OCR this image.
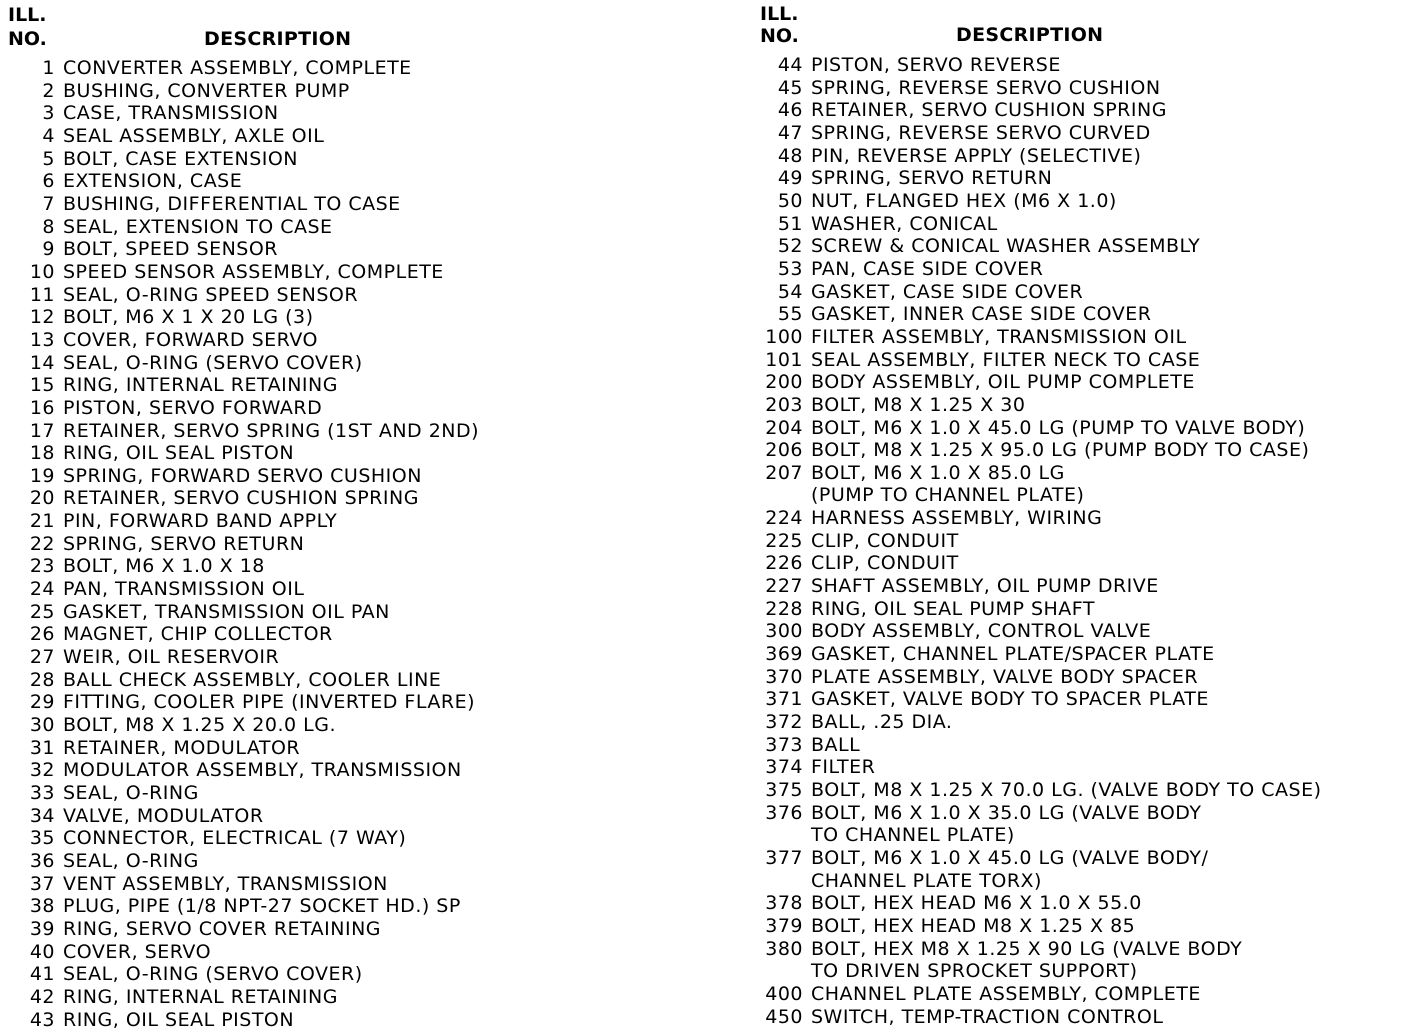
ILL.
NO.	DESCRIPTION
1 CONVERTER ASSEMBLY, COMPLETE
2 BUSHING, CONVERTER PUMP
3 CASE, TRANSMISSION
4 SEAL ASSEMBLY, AXLE OIL
5 BOLT, CASE EXTENSION
6 EXTENSION, CASE
7 BUSHING, DIFFERENTIAL TO CASE
8 SEAL, EXTENSION TO CASE
9 BOLT, SPEED SENSOR
10 SPEED SENSOR ASSEMBLY, COMPLETE
11 SEAL, O-RING SPEED SENSOR
12 BOLT, M6 X 1 X 20 LG (3)
13 COVER, FORWARD SERVO
14 SEAL, O-RING (SERVO COVER)
15 RING, INTERNAL RETAINING
16 PISTON, SERVO FORWARD
17 RETAINER, SERVO SPRING (1ST AND 2ND)
18 RING, OIL SEAL PISTON
19 SPRING, FORWARD SERVO CUSHION
20 RETAINER, SERVO CUSHION SPRING
21 PIN, FORWARD BAND APPLY
22 SPRING, SERVO RETURN
23 BOLT, M6 X 1.0 X 18
24 PAN, TRANSMISSION OIL
25 GASKET, TRANSMISSION OIL PAN
26 MAGNET, CHIP COLLECTOR
27 WEIR, OIL RESERVOIR
28 BALL CHECK ASSEMBLY, COOLER LINE
29 FITTING, COOLER PIPE (INVERTED FLARE)
30 BOLT, M8 X 1.25 X 20.0 LG.
31 RETAINER, MODULATOR
32 MODULATOR ASSEMBLY, TRANSMISSION
33 SEAL, O-RING
34 VALVE, MODULATOR
35 CONNECTOR, ELECTRICAL (7 WAY)
36 SEAL, O-RING
37 VENT ASSEMBLY, TRANSMISSION
38 PLUG, PIPE (1/8 NPT-27 SOCKET HD.) SP
39 RING, SERVO COVER RETAINING
40 COVER, SERVO
41 SEAL, O-RING (SERVO COVER)
42 RING, INTERNAL RETAINING
43 RING, OIL SEAL PISTON
ILL.
NO.	DESCRIPTION
44 PISTON, SERVO REVERSE
45 SPRING, REVERSE SERVO CUSHION
46 RETAINER, SERVO CUSHION SPRING
47 SPRING, REVERSE SERVO CURVED
48 PIN, REVERSE APPLY (SELECTIVE)
49 SPRING, SERVO RETURN
50 NUT, FLANGED HEX (M6 X 1.0)
51 WASHER, CONICAL
52 SCREW & CONICAL WASHER ASSEMBLY
53 PAN, CASE SIDE COVER
54 GASKET, CASE SIDE COVER
55 GASKET, INNER CASE SIDE COVER
100 FILTER ASSEMBLY, TRANSMISSION OIL
101 SEAL ASSEMBLY, FILTER NECK TO CASE
200 BODY ASSEMBLY, OIL PUMP COMPLETE
203 BOLT, M8 X 1.25 X 30
204 BOLT, M6 X 1.0 X 45.0 LG (PUMP TO VALVE BODY)
206 BOLT, M8 X 1.25 X 95.0 LG (PUMP BODY TO CASE)
207 BOLT, M6 X 1.0 X 85.0 LG
(PUMP TO CHANNEL PLATE)
224 HARNESS ASSEMBLY, WIRING
225 CLIP, CONDUIT
226 CLIP, CONDUIT
227 SHAFT ASSEMBLY, OIL PUMP DRIVE
228 RING, OIL SEAL PUMP SHAFT
300 BODY ASSEMBLY, CONTROL VALVE
369 GASKET, CHANNEL PLATE/SPACER PLATE
370 PLATE ASSEMBLY, VALVE BODY SPACER
371 GASKET, VALVE BODY TO SPACER PLATE
372 BALL, .25 DIA.
373 BALL
374 FILTER
375 BOLT, M8 X 1.25 X 70.0 LG. (VALVE BODY TO CASE)
376 BOLT, M6 X 1.0 X 35.0 LG (VALVE BODY
TO CHANNEL PLATE)
377 BOLT, M6 X 1.0 X 45.0 LG (VALVE BODY/
CHANNEL PLATE TORX)
378 BOLT, HEX HEAD M6 X 1.0 X 55.0
379 BOLT, HEX HEAD M8 X 1.25 X 85
380 BOLT, HEX M8 X 1.25 X 90 LG (VALVE BODY
TO DRIVEN SPROCKET SUPPORT)
400 CHANNEL PLATE ASSEMBLY, COMPLETE
450 SWITCH, TEMP-TRACTION CONTROL
